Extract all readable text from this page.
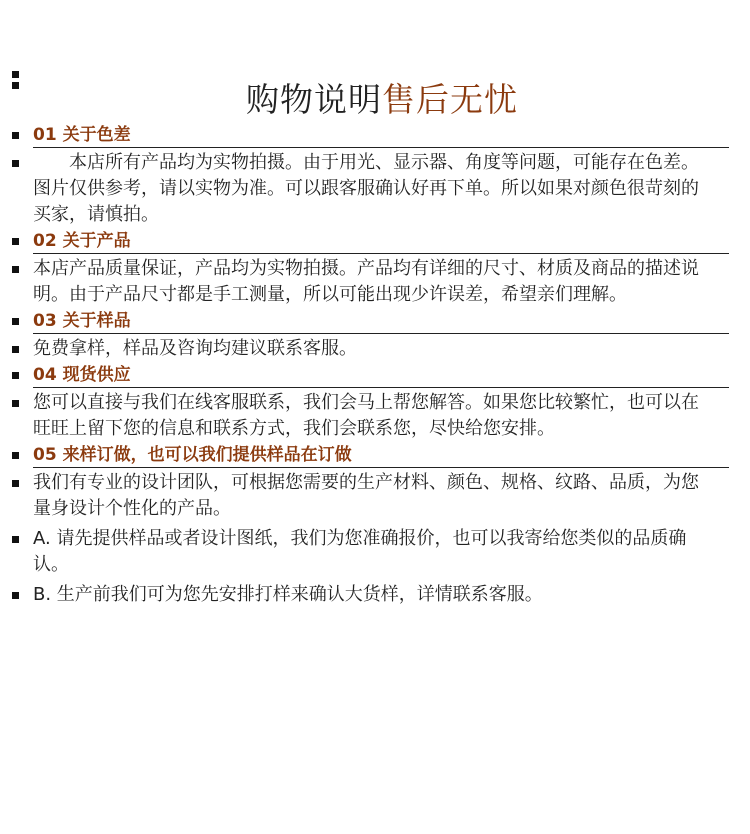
购物说明售后无忧
01 关于色差
本店所有产品均为实物拍摄。由于用光、显示器、角度等问题，可能存在色差。图片仅供参考，请以实物为准。可以跟客服确认好再下单。所以如果对颜色很苛刻的买家，请慎拍。
02 关于产品
本店产品质量保证，产品均为实物拍摄。产品均有详细的尺寸、材质及商品的描述说明。由于产品尺寸都是手工测量，所以可能出现少许误差，希望亲们理解。
03 关于样品
免费拿样，样品及咨询均建议联系客服。
04 现货供应
您可以直接与我们在线客服联系，我们会马上帮您解答。如果您比较繁忙，也可以在旺旺上留下您的信息和联系方式，我们会联系您，尽快给您安排。
05 来样订做，也可以我们提供样品在订做
我们有专业的设计团队，可根据您需要的生产材料、颜色、规格、纹路、品质，为您量身设计个性化的产品。
A. 请先提供样品或者设计图纸，我们为您准确报价，也可以我寄给您类似的品质确认。
B. 生产前我们可为您先安排打样来确认大货样，详情联系客服。
